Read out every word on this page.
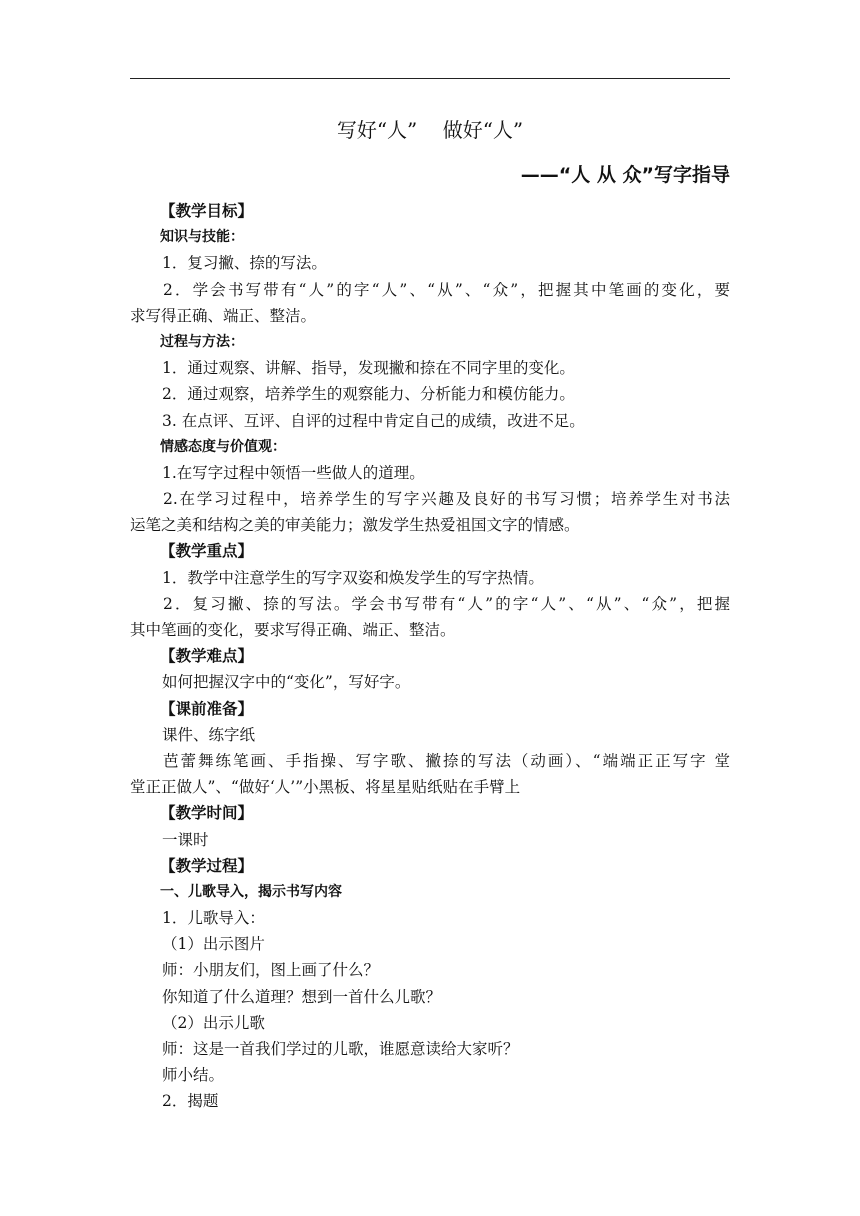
写好“人”    做好“人”
——“人 从 众”写字指导
【教学目标】
知识与技能：
1．复习撇、捺的写法。
2．学会书写带有“人”的字“人”、“从”、“众”，把握其中笔画的变化，要
求写得正确、端正、整洁。
过程与方法：
1．通过观察、讲解、指导，发现撇和捺在不同字里的变化。
2．通过观察，培养学生的观察能力、分析能力和模仿能力。
3. 在点评、互评、自评的过程中肯定自己的成绩，改进不足。
情感态度与价值观：
1.在写字过程中领悟一些做人的道理。
2.在学习过程中，培养学生的写字兴趣及良好的书写习惯；培养学生对书法
运笔之美和结构之美的审美能力；激发学生热爱祖国文字的情感。
【教学重点】
1．教学中注意学生的写字双姿和焕发学生的写字热情。
2．复习撇、捺的写法。学会书写带有“人”的字“人”、“从”、“众”，把握
其中笔画的变化，要求写得正确、端正、整洁。
【教学难点】
如何把握汉字中的“变化”，写好字。
【课前准备】
课件、练字纸
芭蕾舞练笔画、手指操、写字歌、撇捺的写法（动画）、“端端正正写字 堂
堂正正做人”、“做好‘人’”小黑板、将星星贴纸贴在手臂上
【教学时间】
一课时
【教学过程】
一、儿歌导入，揭示书写内容
1．儿歌导入：
（1）出示图片
师：小朋友们，图上画了什么？
你知道了什么道理？想到一首什么儿歌？
（2）出示儿歌
师：这是一首我们学过的儿歌，谁愿意读给大家听？
师小结。
2．揭题
